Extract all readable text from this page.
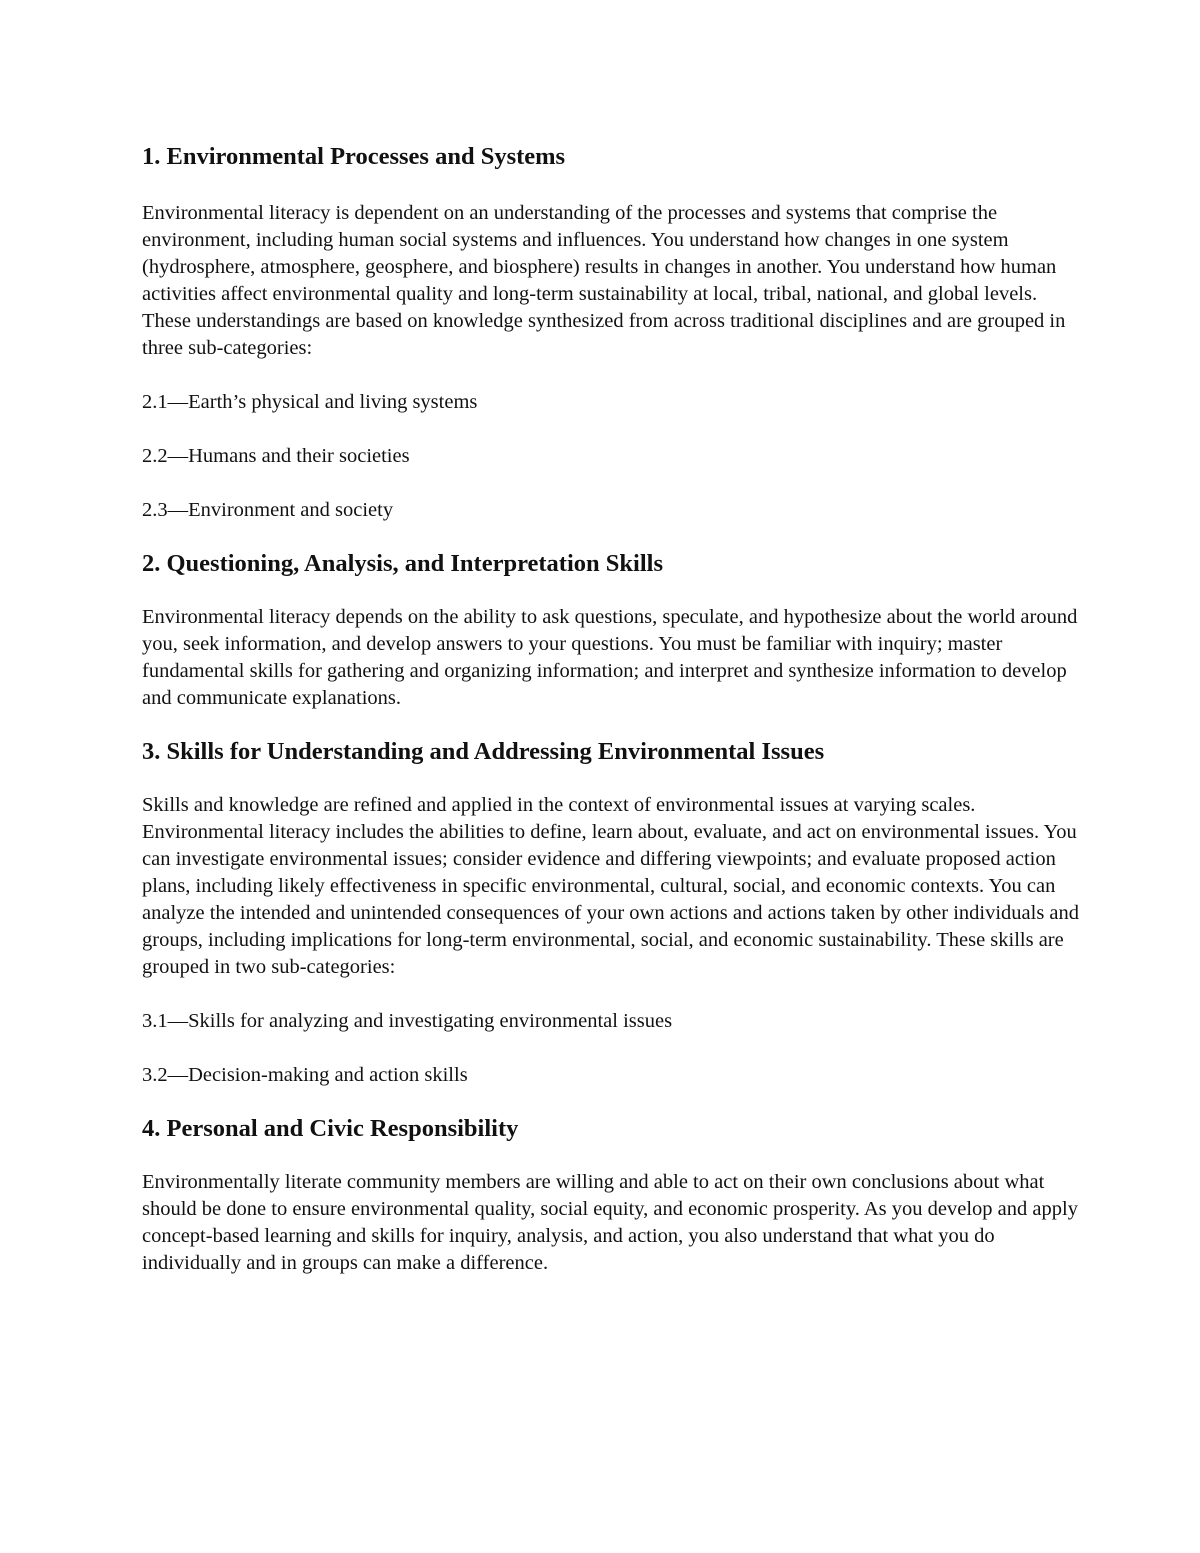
1. Environmental Processes and Systems

Environmental literacy is dependent on an understanding of the processes and systems that comprise the environment, including human social systems and influences. You understand how changes in one system (hydrosphere, atmosphere, geosphere, and biosphere) results in changes in another. You understand how human activities affect environmental quality and long-term sustainability at local, tribal, national, and global levels. These understandings are based on knowledge synthesized from across traditional disciplines and are grouped in three sub-categories:

2.1—Earth’s physical and living systems
2.2—Humans and their societies
2.3—Environment and society
2. Questioning, Analysis, and Interpretation Skills

Environmental literacy depends on the ability to ask questions, speculate, and hypothesize about the world around you, seek information, and develop answers to your questions. You must be familiar with inquiry; master fundamental skills for gathering and organizing information; and interpret and synthesize information to develop and communicate explanations.

3. Skills for Understanding and Addressing Environmental Issues

Skills and knowledge are refined and applied in the context of environmental issues at varying scales. Environmental literacy includes the abilities to define, learn about, evaluate, and act on environmental issues. You can investigate environmental issues; consider evidence and differing viewpoints; and evaluate proposed action plans, including likely effectiveness in specific environmental, cultural, social, and economic contexts. You can analyze the intended and unintended consequences of your own actions and actions taken by other individuals and groups, including implications for long-term environmental, social, and economic sustainability. These skills are grouped in two sub-categories:

3.1—Skills for analyzing and investigating environmental issues
3.2—Decision-making and action skills
4. Personal and Civic Responsibility

Environmentally literate community members are willing and able to act on their own conclusions about what should be done to ensure environmental quality, social equity, and economic prosperity. As you develop and apply concept-based learning and skills for inquiry, analysis, and action, you also understand that what you do individually and in groups can make a difference.
